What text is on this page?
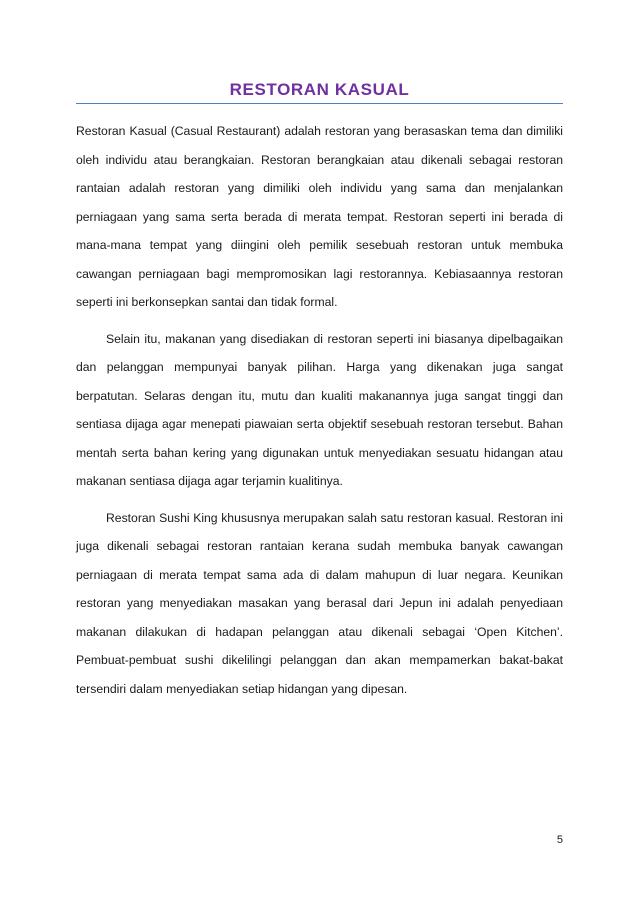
RESTORAN KASUAL

Restoran Kasual (Casual Restaurant) adalah restoran yang berasaskan tema dan dimiliki oleh individu atau berangkaian. Restoran berangkaian atau dikenali sebagai restoran rantaian adalah restoran yang dimiliki oleh individu yang sama dan menjalankan perniagaan yang sama serta berada di merata tempat. Restoran seperti ini berada di mana-mana tempat yang diingini oleh pemilik sesebuah restoran untuk membuka cawangan perniagaan bagi mempromosikan lagi restorannya. Kebiasaannya restoran seperti ini berkonsepkan santai dan tidak formal.

Selain itu, makanan yang disediakan di restoran seperti ini biasanya dipelbagaikan dan pelanggan mempunyai banyak pilihan. Harga yang dikenakan juga sangat berpatutan. Selaras dengan itu, mutu dan kualiti makanannya juga sangat tinggi dan sentiasa dijaga agar menepati piawaian serta objektif sesebuah restoran tersebut. Bahan mentah serta bahan kering yang digunakan untuk menyediakan sesuatu hidangan atau makanan sentiasa dijaga agar terjamin kualitinya.

Restoran Sushi King khususnya merupakan salah satu restoran kasual. Restoran ini juga dikenali sebagai restoran rantaian kerana sudah membuka banyak cawangan perniagaan di merata tempat sama ada di dalam mahupun di luar negara. Keunikan restoran yang menyediakan masakan yang berasal dari Jepun ini adalah penyediaan makanan dilakukan di hadapan pelanggan atau dikenali sebagai ‘Open Kitchen’. Pembuat-pembuat sushi dikelilingi pelanggan dan akan mempamerkan bakat-bakat tersendiri dalam menyediakan setiap hidangan yang dipesan.

5
